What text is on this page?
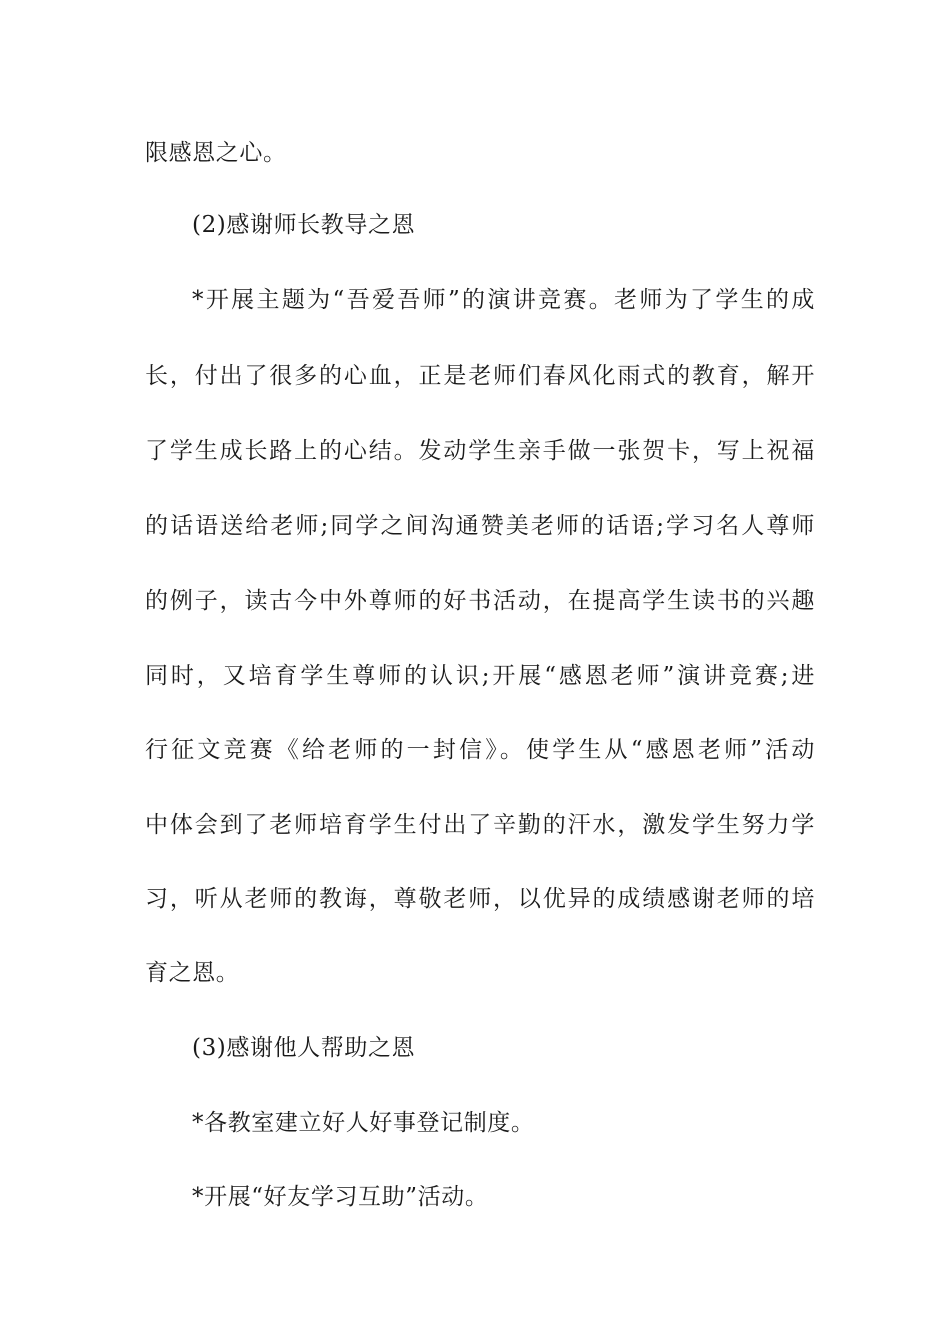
限感恩之心。
(2)感谢师长教导之恩
*开展主题为“吾爱吾师”的演讲竞赛。老师为了学生的成
长，付出了很多的心血，正是老师们春风化雨式的教育，解开
了学生成长路上的心结。发动学生亲手做一张贺卡，写上祝福
的话语送给老师;同学之间沟通赞美老师的话语;学习名人尊师
的例子，读古今中外尊师的好书活动，在提高学生读书的兴趣
同时，又培育学生尊师的认识;开展“感恩老师”演讲竞赛;进
行征文竞赛《给老师的一封信》。使学生从“感恩老师”活动
中体会到了老师培育学生付出了辛勤的汗水，激发学生努力学
习，听从老师的教诲，尊敬老师，以优异的成绩感谢老师的培
育之恩。
(3)感谢他人帮助之恩
*各教室建立好人好事登记制度。
*开展“好友学习互助”活动。
